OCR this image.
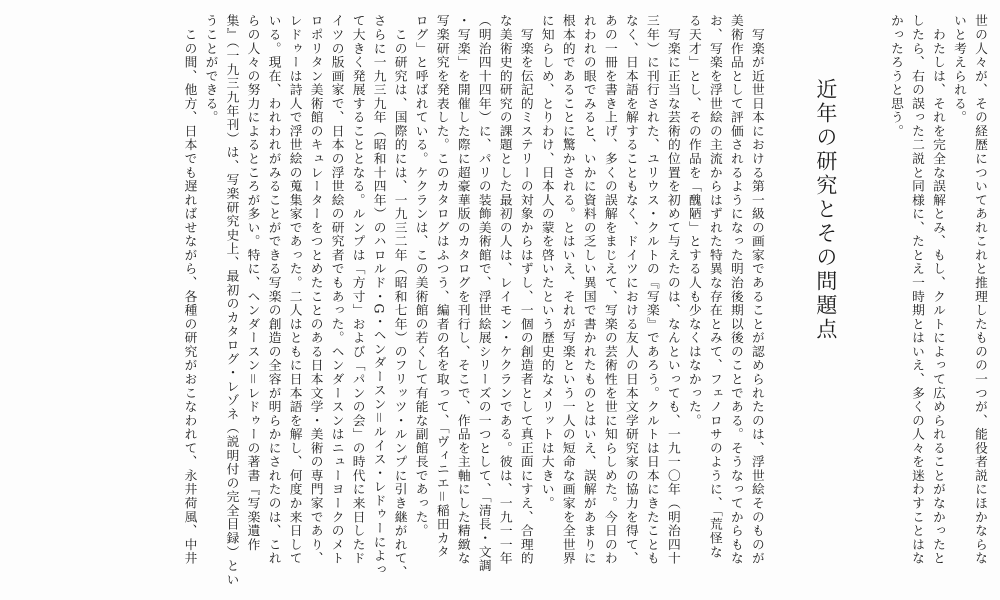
世の人々が、その経歴についてあれこれと推理したものの一つが、能役者説にほかならな
いと考えられる。
　わたしは、それを完全な誤解とみ、もし、クルトによって広められることがなかったと
したら、右の誤った二説と同様に、たとえ一時期とはいえ、多くの人々を迷わすことはな
かったろうと思う。
近年の研究とその問題点
　写楽が近世日本における第一級の画家であることが認められたのは、浮世絵そのものが
美術作品として評価されるようになった明治後期以後のことである。そうなってからもな
お、写楽を浮世絵の主流からはずれた特異な存在とみて、フェノロサのように、「荒怪な
る天才」とし、その作品を「醜陋」とする人も少なくはなかった。
　写楽に正当な芸術的位置を初めて与えたのは、なんといっても、一九一〇年（明治四十
三年）に刊行された、ユリウス・クルトの『写楽』であろう。クルトは日本にきたことも
なく、日本語を解することもなく、ドイツにおける友人の日本文学研究家の協力を得て、
あの一冊を書き上げ、多くの誤解をまじえて、写楽の芸術性を世に知らしめた。今日のわ
れわれの眼でみると、いかに資料の乏しい異国で書かれたものとはいえ、誤解があまりに
根本的であることに驚かされる。とはいえ、それが写楽という一人の短命な画家を全世界
に知らしめ、とりわけ、日本人の蒙を啓いたという歴史的なメリットは大きい。
　写楽を伝記的ミステリーの対象からはずし、一個の創造者として真正面にすえ、合理的
な美術史的研究の課題とした最初の人は、レイモン・ケクランである。彼は、一九一一年
（明治四十四年）に、パリの装飾美術館で、浮世絵展シリーズの一つとして、「清長・文調
・写楽」を開催した際に超豪華版のカタログを刊行し、そこで、作品を主軸にした精緻な
写楽研究を発表した。このカタログはふつう、編者の名を取って、「ヴィニエ＝稲田カタ
ログ」と呼ばれている。ケクランは、この美術館の若くして有能な副館長であった。
　この研究は、国際的には、一九三二年（昭和七年）のフリッツ・ルンプに引き継がれて、
さらに一九三九年（昭和十四年）のハロルド・G・ヘンダースン＝ルイス・レドゥーによっ
て大きく発展することとなる。ルンプは「方寸」および「パンの会」の時代に来日したド
イツの版画家で、日本の浮世絵の研究者でもあった。ヘンダースンはニューヨークのメト
ロポリタン美術館のキュレーターをつとめたことのある日本文学・美術の専門家であり、
レドゥーは詩人で浮世絵の蒐集家であった。二人はともに日本語を解し、何度か来日して
いる。現在、われわれがみることができる写楽の創造の全容が明らかにされたのは、これ
らの人々の努力によるところが多い。特に、ヘンダースン＝レドゥーの著書『写楽遺作
集』（一九三九年刊）は、写楽研究史上、最初のカタログ・レゾネ（説明付の完全目録）とい
うことができる。
　この間、他方、日本でも遅ればせながら、各種の研究がおこなわれて、永井荷風、中井
